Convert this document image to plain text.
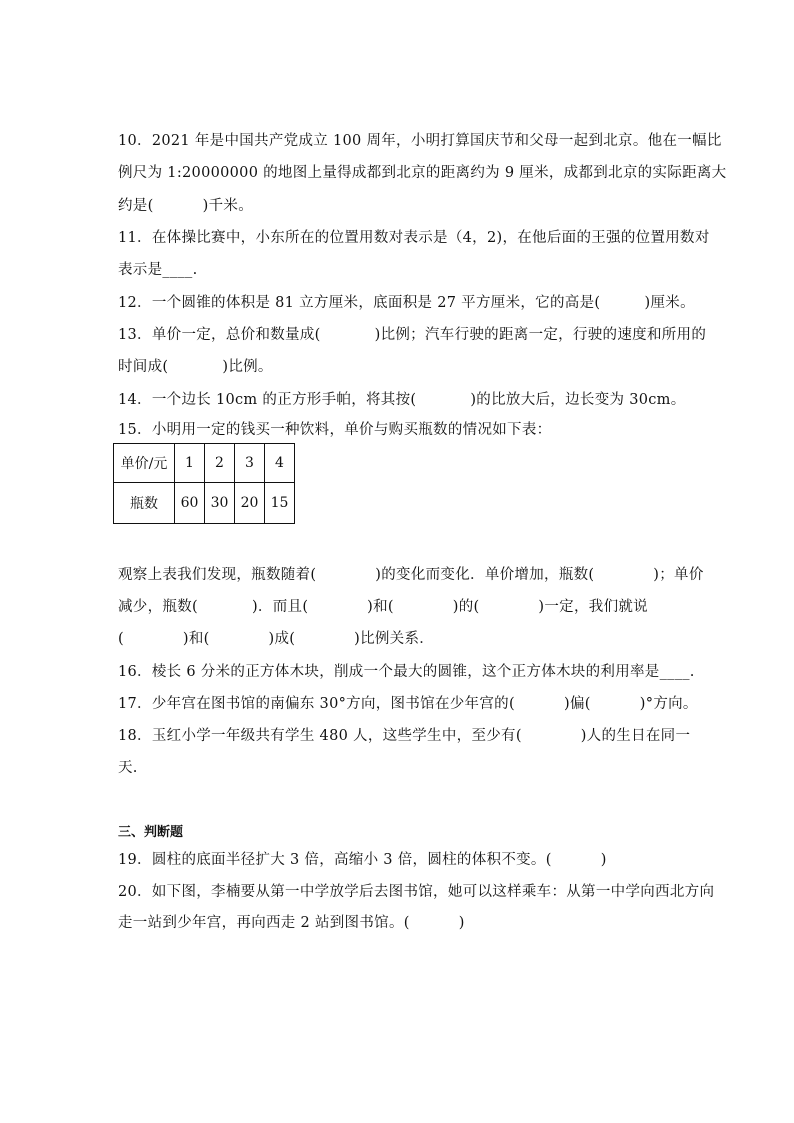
10．2021 年是中国共产党成立 100 周年，小明打算国庆节和父母一起到北京。他在一幅比
例尺为 1:20000000 的地图上量得成都到北京的距离约为 9 厘米，成都到北京的实际距离大
约是(          )千米。
11．在体操比赛中，小东所在的位置用数对表示是（4，2)，在他后面的王强的位置用数对
表示是____.
12．一个圆锥的体积是 81 立方厘米，底面积是 27 平方厘米，它的高是(         )厘米。
13．单价一定，总价和数量成(           )比例；汽车行驶的距离一定，行驶的速度和所用的
时间成(           )比例。
14．一个边长 10cm 的正方形手帕，将其按(           )的比放大后，边长变为 30cm。
15．小明用一定的钱买一种饮料，单价与购买瓶数的情况如下表：
单价/元	1	2	3	4
瓶数	60	30	20	15
观察上表我们发现，瓶数随着(            )的变化而变化．单价增加，瓶数(            )；单价
减少，瓶数(           )．而且(            )和(            )的(            )一定，我们就说
(            )和(            )成(            )比例关系．
16．棱长 6 分米的正方体木块，削成一个最大的圆锥，这个正方体木块的利用率是____.
17．少年宫在图书馆的南偏东 30°方向，图书馆在少年宫的(          )偏(          )°方向。
18．玉红小学一年级共有学生 480 人，这些学生中，至少有(            )人的生日在同一
天.
三、判断题
19．圆柱的底面半径扩大 3 倍，高缩小 3 倍，圆柱的体积不变。(          )
20．如下图，李楠要从第一中学放学后去图书馆，她可以这样乘车：从第一中学向西北方向
走一站到少年宫，再向西走 2 站到图书馆。(          )
